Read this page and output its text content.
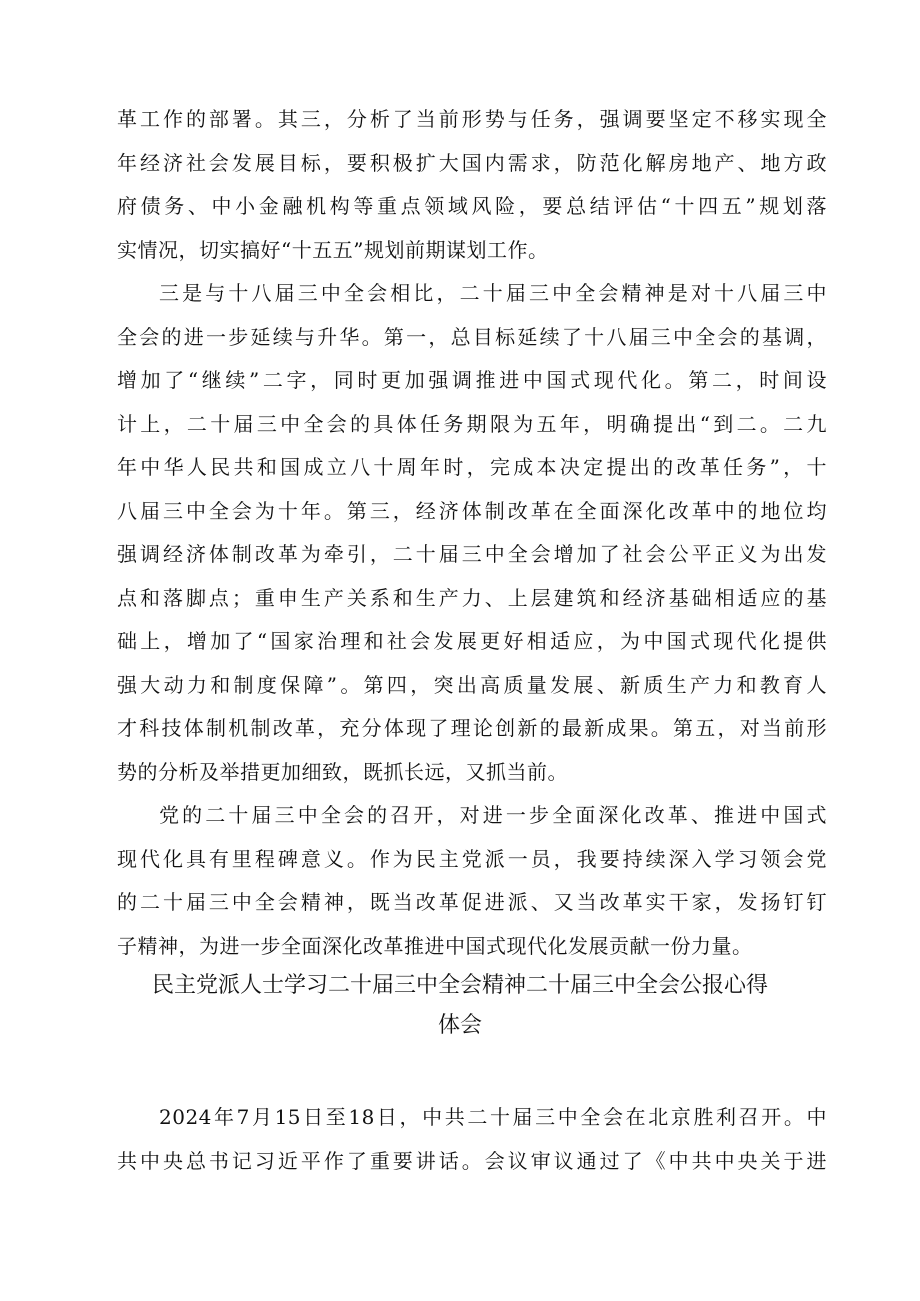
革工作的部署。其三，分析了当前形势与任务，强调要坚定不移实现全
年经济社会发展目标，要积极扩大国内需求，防范化解房地产、地方政
府债务、中小金融机构等重点领域风险，要总结评估“十四五”规划落
实情况，切实搞好“十五五”规划前期谋划工作。
三是与十八届三中全会相比，二十届三中全会精神是对十八届三中
全会的进一步延续与升华。第一，总目标延续了十八届三中全会的基调，
增加了“继续”二字，同时更加强调推进中国式现代化。第二，时间设
计上，二十届三中全会的具体任务期限为五年，明确提出“到二。二九
年中华人民共和国成立八十周年时，完成本决定提出的改革任务”，十
八届三中全会为十年。第三，经济体制改革在全面深化改革中的地位均
强调经济体制改革为牵引，二十届三中全会增加了社会公平正义为出发
点和落脚点；重申生产关系和生产力、上层建筑和经济基础相适应的基
础上，增加了“国家治理和社会发展更好相适应，为中国式现代化提供
强大动力和制度保障”。第四，突出高质量发展、新质生产力和教育人
才科技体制机制改革，充分体现了理论创新的最新成果。第五，对当前形
势的分析及举措更加细致，既抓长远，又抓当前。
党的二十届三中全会的召开，对进一步全面深化改革、推进中国式
现代化具有里程碑意义。作为民主党派一员，我要持续深入学习领会党
的二十届三中全会精神，既当改革促进派、又当改革实干家，发扬钉钉
子精神，为进一步全面深化改革推进中国式现代化发展贡献一份力量。
民主党派人士学习二十届三中全会精神二十届三中全会公报心得
体会
2024年7月15日至18日，中共二十届三中全会在北京胜利召开。中
共中央总书记习近平作了重要讲话。会议审议通过了《中共中央关于进
